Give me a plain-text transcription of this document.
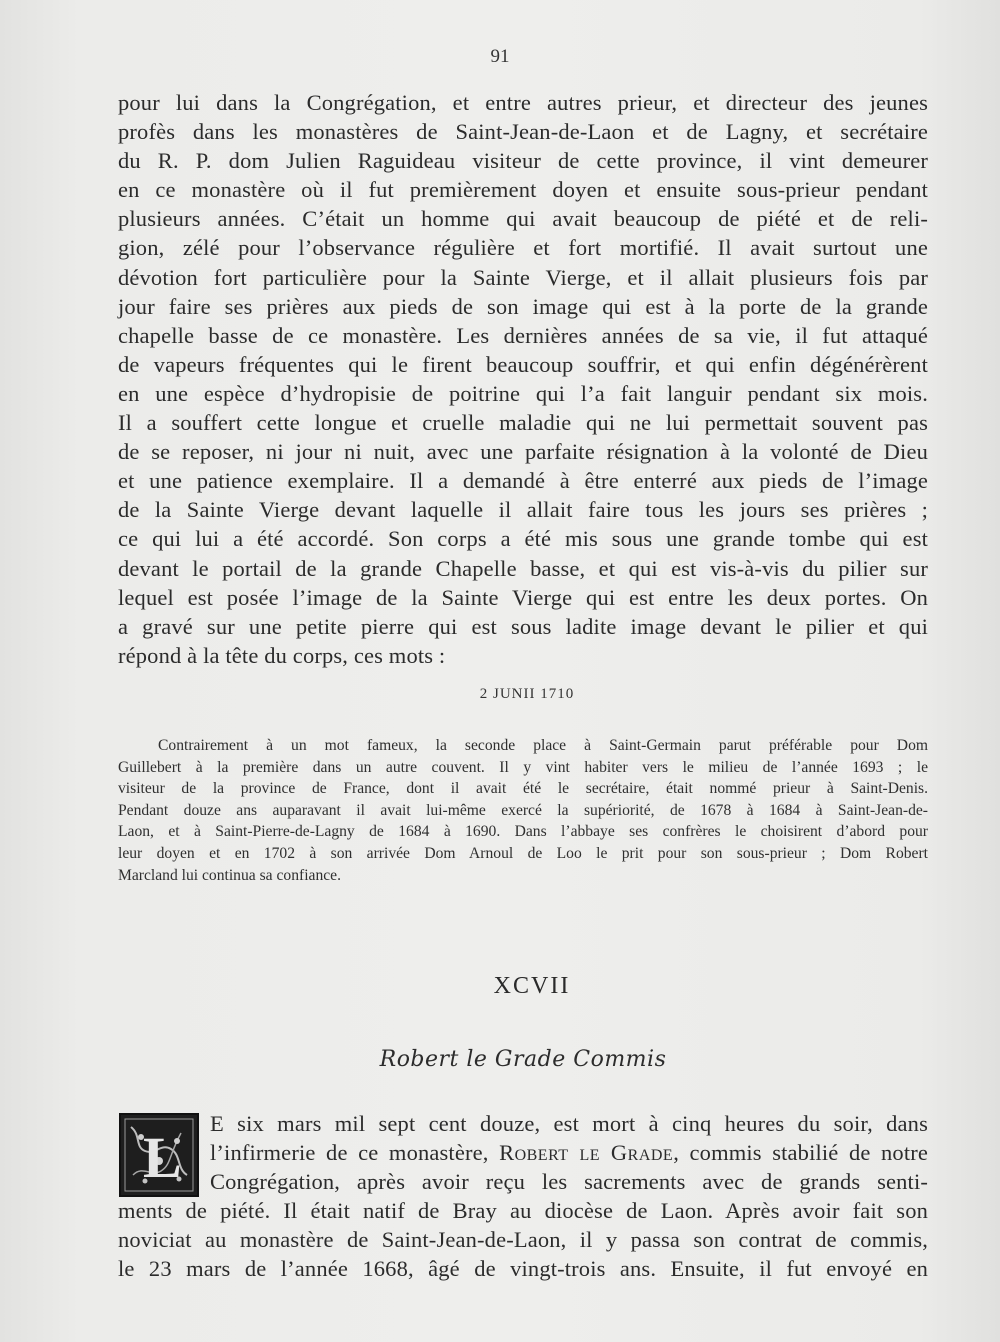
91
pour lui dans la Congrégation, et entre autres prieur, et directeur des jeunes
profès dans les monastères de Saint-Jean-de-Laon et de Lagny, et secrétaire
du R. P. dom Julien Raguideau visiteur de cette province, il vint demeurer
en ce monastère où il fut premièrement doyen et ensuite sous-prieur pendant
plusieurs années. C’était un homme qui avait beaucoup de piété et de reli-
gion, zélé pour l’observance régulière et fort mortifié. Il avait surtout une
dévotion fort particulière pour la Sainte Vierge, et il allait plusieurs fois par
jour faire ses prières aux pieds de son image qui est à la porte de la grande
chapelle basse de ce monastère. Les dernières années de sa vie, il fut attaqué
de vapeurs fréquentes qui le firent beaucoup souffrir, et qui enfin dégénérèrent
en une espèce d’hydropisie de poitrine qui l’a fait languir pendant six mois.
Il a souffert cette longue et cruelle maladie qui ne lui permettait souvent pas
de se reposer, ni jour ni nuit, avec une parfaite résignation à la volonté de Dieu
et une patience exemplaire. Il a demandé à être enterré aux pieds de l’image
de la Sainte Vierge devant laquelle il allait faire tous les jours ses prières ;
ce qui lui a été accordé. Son corps a été mis sous une grande tombe qui est
devant le portail de la grande Chapelle basse, et qui est vis-à-vis du pilier sur
lequel est posée l’image de la Sainte Vierge qui est entre les deux portes. On
a gravé sur une petite pierre qui est sous ladite image devant le pilier et qui
répond à la tête du corps, ces mots :
2 JUNII 1710
Contrairement à un mot fameux, la seconde place à Saint-Germain parut préférable pour Dom
Guillebert à la première dans un autre couvent. Il y vint habiter vers le milieu de l’année 1693 ; le
visiteur de la province de France, dont il avait été le secrétaire, était nommé prieur à Saint-Denis.
Pendant douze ans auparavant il avait lui-même exercé la supériorité, de 1678 à 1684 à Saint-Jean-de-
Laon, et à Saint-Pierre-de-Lagny de 1684 à 1690. Dans l’abbaye ses confrères le choisirent d’abord pour
leur doyen et en 1702 à son arrivée Dom Arnoul de Loo le prit pour son sous-prieur ; Dom Robert
Marcland lui continua sa confiance.
XCVII
Robert le Grade Commis
L
E six mars mil sept cent douze, est mort à cinq heures du soir, dans
l’infirmerie de ce monastère, Robert le Grade, commis stabilié de notre
Congrégation, après avoir reçu les sacrements avec de grands senti-
ments de piété. Il était natif de Bray au diocèse de Laon. Après avoir fait son
noviciat au monastère de Saint-Jean-de-Laon, il y passa son contrat de commis,
le 23 mars de l’année 1668, âgé de vingt-trois ans. Ensuite, il fut envoyé en
